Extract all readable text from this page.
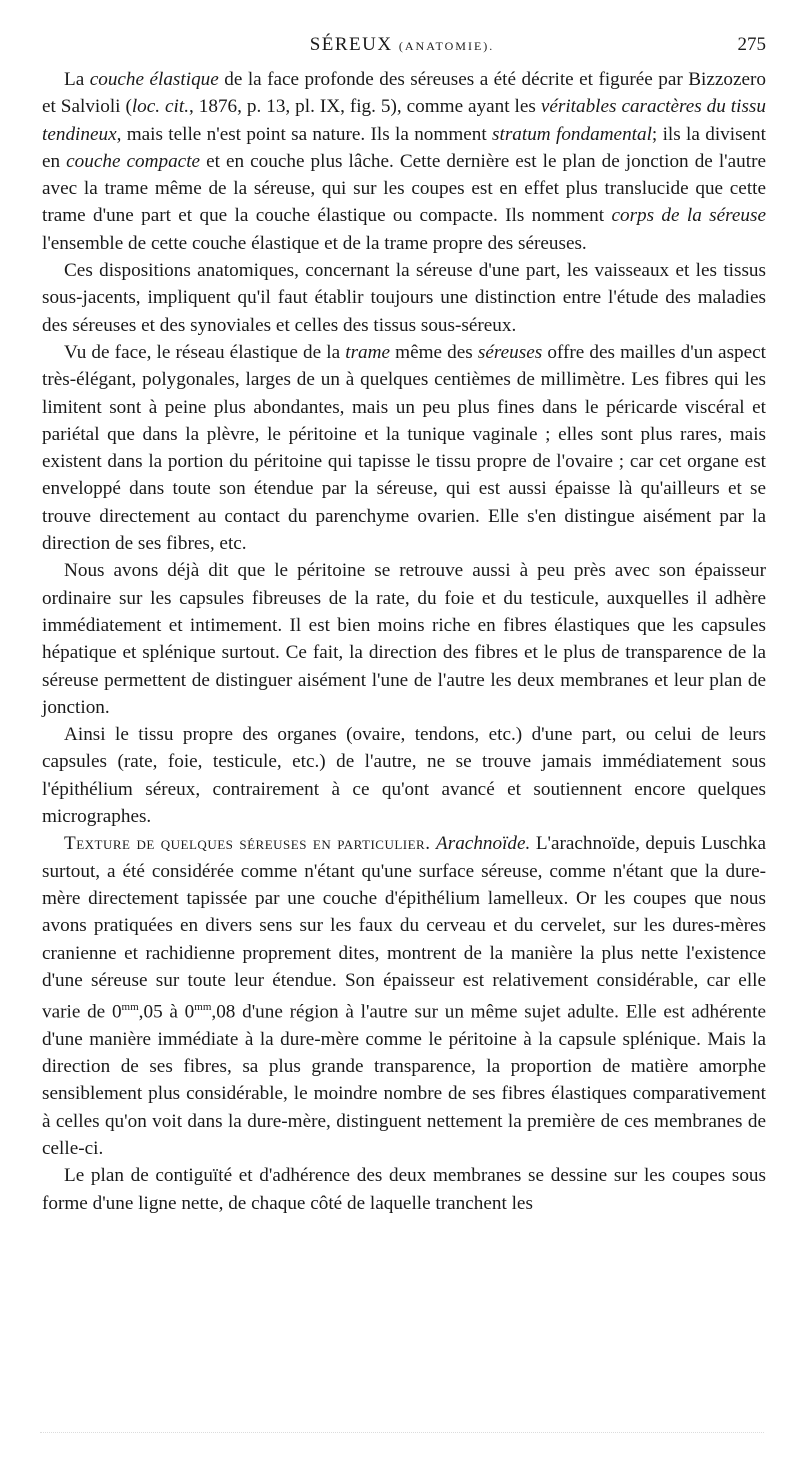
SÉREUX (ANATOMIE).	275

La couche élastique de la face profonde des séreuses a été décrite et figurée par Bizzozero et Salvioli (loc. cit., 1876, p. 13, pl. IX, fig. 5), comme ayant les véritables caractères du tissu tendineux, mais telle n'est point sa nature. Ils la nomment stratum fondamental; ils la divisent en couche compacte et en couche plus lâche. Cette dernière est le plan de jonction de l'autre avec la trame même de la séreuse, qui sur les coupes est en effet plus translucide que cette trame d'une part et que la couche élastique ou compacte. Ils nomment corps de la séreuse l'ensemble de cette couche élastique et de la trame propre des séreuses.

Ces dispositions anatomiques, concernant la séreuse d'une part, les vaisseaux et les tissus sous-jacents, impliquent qu'il faut établir toujours une distinction entre l'étude des maladies des séreuses et des synoviales et celles des tissus sous-séreux.

Vu de face, le réseau élastique de la trame même des séreuses offre des mailles d'un aspect très-élégant, polygonales, larges de un à quelques centièmes de millimètre. Les fibres qui les limitent sont à peine plus abondantes, mais un peu plus fines dans le péricarde viscéral et pariétal que dans la plèvre, le péritoine et la tunique vaginale ; elles sont plus rares, mais existent dans la portion du péritoine qui tapisse le tissu propre de l'ovaire ; car cet organe est enveloppé dans toute son étendue par la séreuse, qui est aussi épaisse là qu'ailleurs et se trouve directement au contact du parenchyme ovarien. Elle s'en distingue aisément par la direction de ses fibres, etc.

Nous avons déjà dit que le péritoine se retrouve aussi à peu près avec son épaisseur ordinaire sur les capsules fibreuses de la rate, du foie et du testicule, auxquelles il adhère immédiatement et intimement. Il est bien moins riche en fibres élastiques que les capsules hépatique et splénique surtout. Ce fait, la direction des fibres et le plus de transparence de la séreuse permettent de distinguer aisément l'une de l'autre les deux membranes et leur plan de jonction.

Ainsi le tissu propre des organes (ovaire, tendons, etc.) d'une part, ou celui de leurs capsules (rate, foie, testicule, etc.) de l'autre, ne se trouve jamais immédiatement sous l'épithélium séreux, contrairement à ce qu'ont avancé et soutiennent encore quelques micrographes.

Texture de quelques séreuses en particulier. Arachnoïde. L'arachnoïde, depuis Luschka surtout, a été considérée comme n'étant qu'une surface séreuse, comme n'étant que la dure-mère directement tapissée par une couche d'épithélium lamelleux. Or les coupes que nous avons pratiquées en divers sens sur les faux du cerveau et du cervelet, sur les dures-mères cranienne et rachidienne proprement dites, montrent de la manière la plus nette l'existence d'une séreuse sur toute leur étendue. Son épaisseur est relativement considérable, car elle varie de $0^{mm},05$ à $0^{mm},08$ d'une région à l'autre sur un même sujet adulte. Elle est adhérente d'une manière immédiate à la dure-mère comme le péritoine à la capsule splénique. Mais la direction de ses fibres, sa plus grande transparence, la proportion de matière amorphe sensiblement plus considérable, le moindre nombre de ses fibres élastiques comparativement à celles qu'on voit dans la dure-mère, distinguent nettement la première de ces membranes de celle-ci.

Le plan de contiguïté et d'adhérence des deux membranes se dessine sur les coupes sous forme d'une ligne nette, de chaque côté de laquelle tranchent les
